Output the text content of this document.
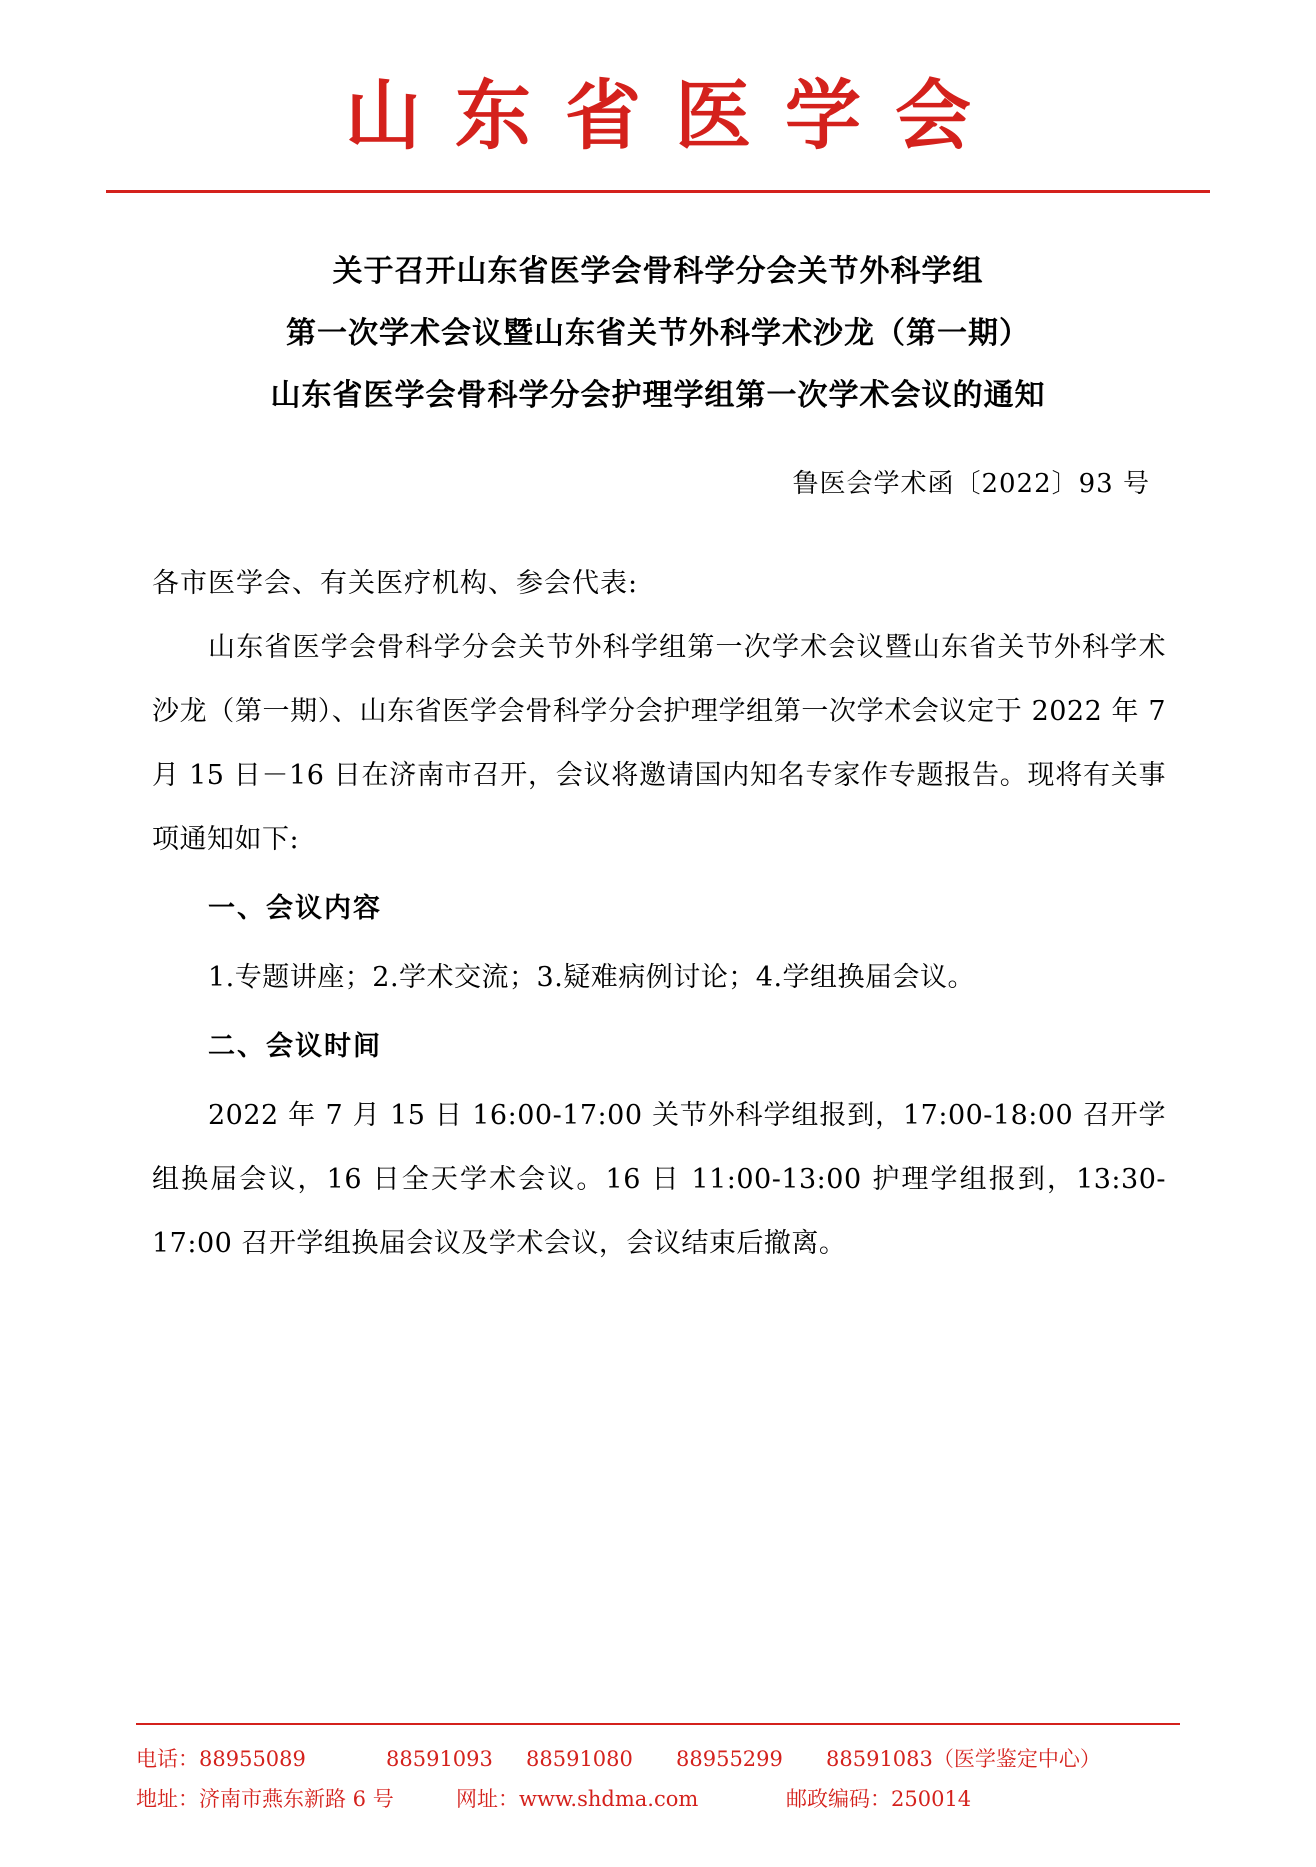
山东省医学会
关于召开山东省医学会骨科学分会关节外科学组
第一次学术会议暨山东省关节外科学术沙龙（第一期）
山东省医学会骨科学分会护理学组第一次学术会议的通知
鲁医会学术函〔2022〕93 号
各市医学会、有关医疗机构、参会代表:
山东省医学会骨科学分会关节外科学组第一次学术会议暨山东省关节外科学术沙龙（第一期）、山东省医学会骨科学分会护理学组第一次学术会议定于 2022 年 7 月 15 日－16 日在济南市召开，会议将邀请国内知名专家作专题报告。现将有关事项通知如下:
一、会议内容
1.专题讲座；2.学术交流；3.疑难病例讨论；4.学组换届会议。
二、会议时间
2022 年 7 月 15 日 16:00-17:00 关节外科学组报到，17:00-18:00 召开学组换届会议，16 日全天学术会议。16 日 11:00-13:00 护理学组报到，13:30-17:00 召开学组换届会议及学术会议，会议结束后撤离。
电话：88955089	88591093	88591080	88955299	88591083（医学鉴定中心）
地址：济南市燕东新路 6 号	网址：www.shdma.com	邮政编码：250014
